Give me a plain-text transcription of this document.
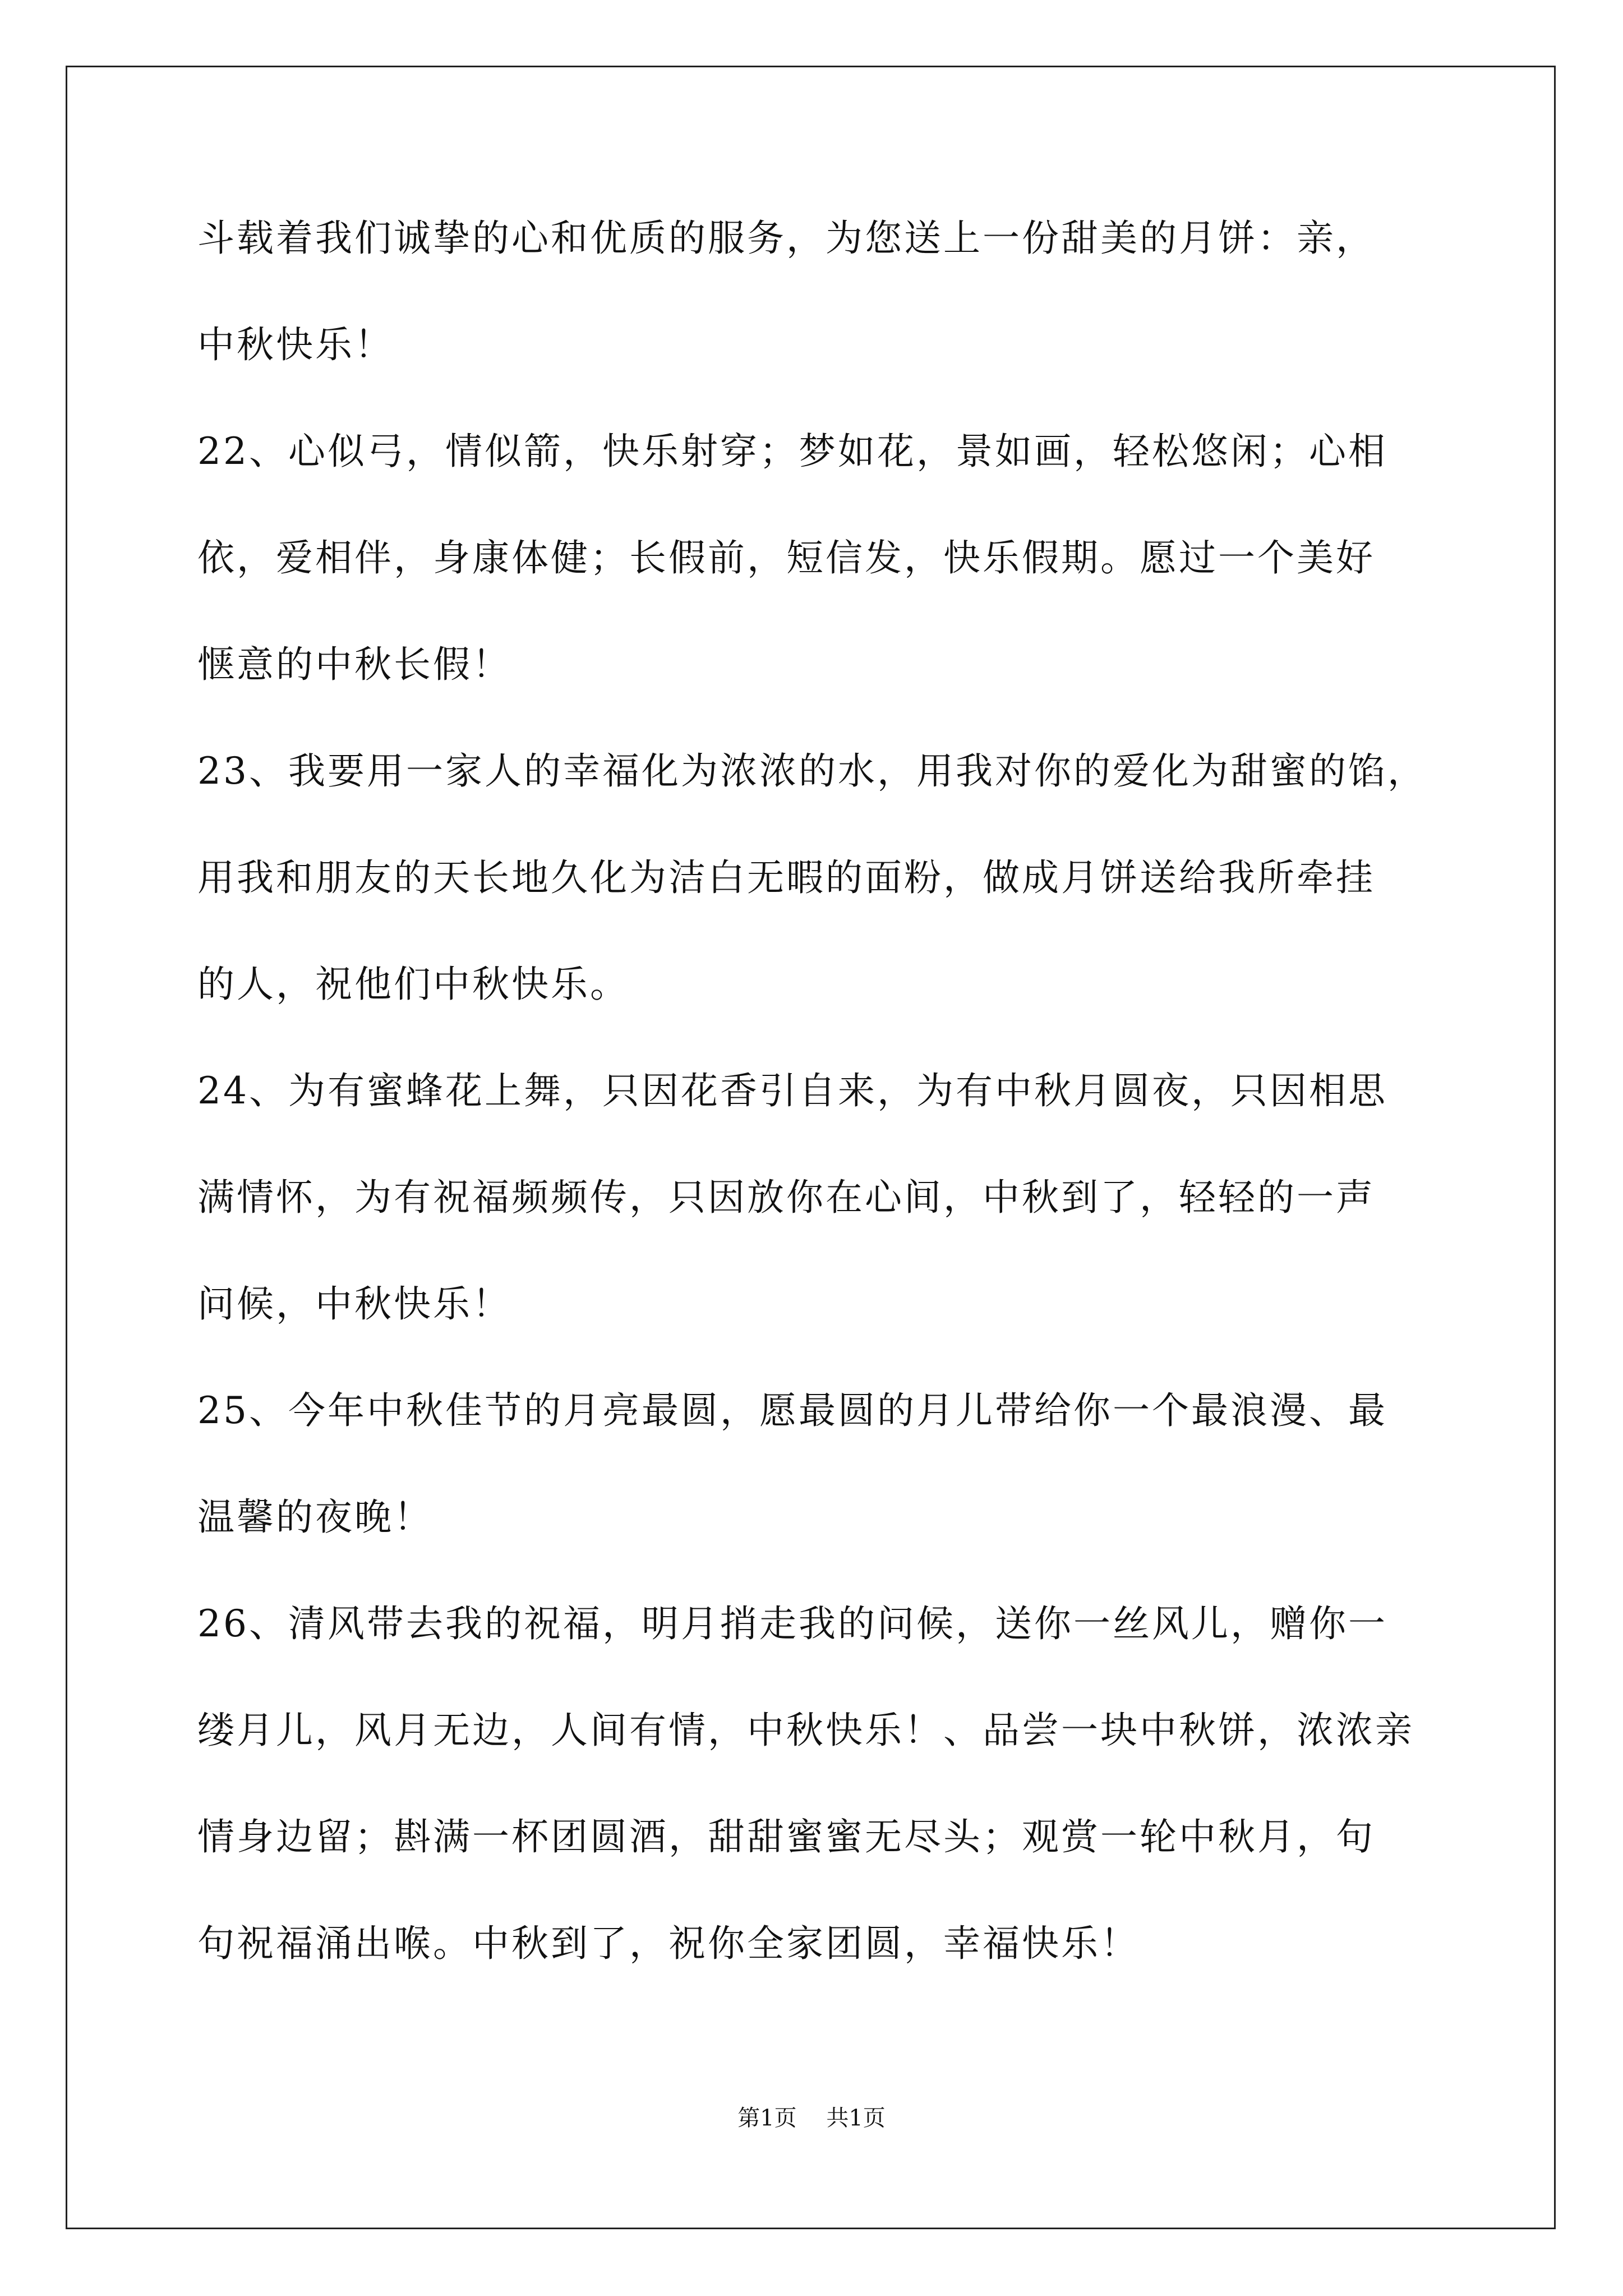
斗载着我们诚挚的心和优质的服务，为您送上一份甜美的月饼：亲，
中秋快乐！
22、心似弓，情似箭，快乐射穿；梦如花，景如画，轻松悠闲；心相
依，爱相伴，身康体健；长假前，短信发，快乐假期。愿过一个美好
惬意的中秋长假！
23、我要用一家人的幸福化为浓浓的水，用我对你的爱化为甜蜜的馅，
用我和朋友的天长地久化为洁白无暇的面粉，做成月饼送给我所牵挂
的人，祝他们中秋快乐。
24、为有蜜蜂花上舞，只因花香引自来，为有中秋月圆夜，只因相思
满情怀，为有祝福频频传，只因放你在心间，中秋到了，轻轻的一声
问候，中秋快乐！
25、今年中秋佳节的月亮最圆，愿最圆的月儿带给你一个最浪漫、最
温馨的夜晚！
26、清风带去我的祝福，明月捎走我的问候，送你一丝风儿，赠你一
缕月儿，风月无边，人间有情，中秋快乐！、品尝一块中秋饼，浓浓亲
情身边留；斟满一杯团圆酒，甜甜蜜蜜无尽头；观赏一轮中秋月，句
句祝福涌出喉。中秋到了，祝你全家团圆，幸福快乐！
第1页 共1页
